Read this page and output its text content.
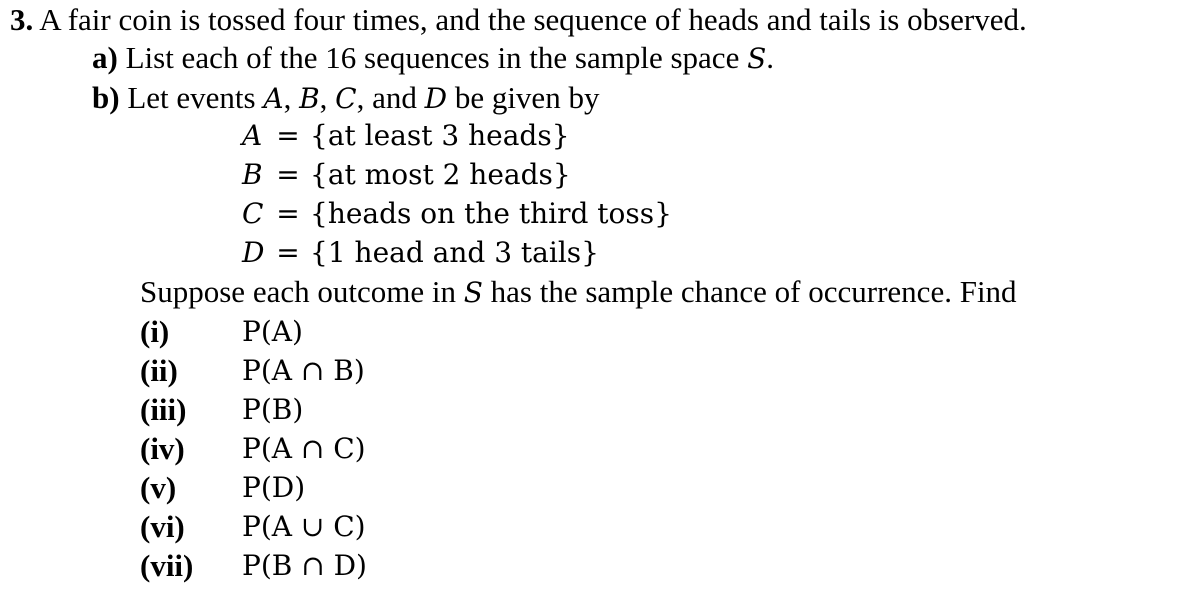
3. A fair coin is tossed four times, and the sequence of heads and tails is observed.
a) List each of the 16 sequences in the sample space S.
b) Let events A, B, C, and D be given by
A = {at least 3 heads}
B = {at most 2 heads}
C = {heads on the third toss}
D = {1 head and 3 tails}
Suppose each outcome in S has the sample chance of occurrence. Find
(i)	P(A)
(ii) P(A ∩ B)
(iii) P(B)
(iv) P(A ∩ C)
(v) P(D)
(vi) P(A ∪ C)
(vii) P(B ∩ D)
